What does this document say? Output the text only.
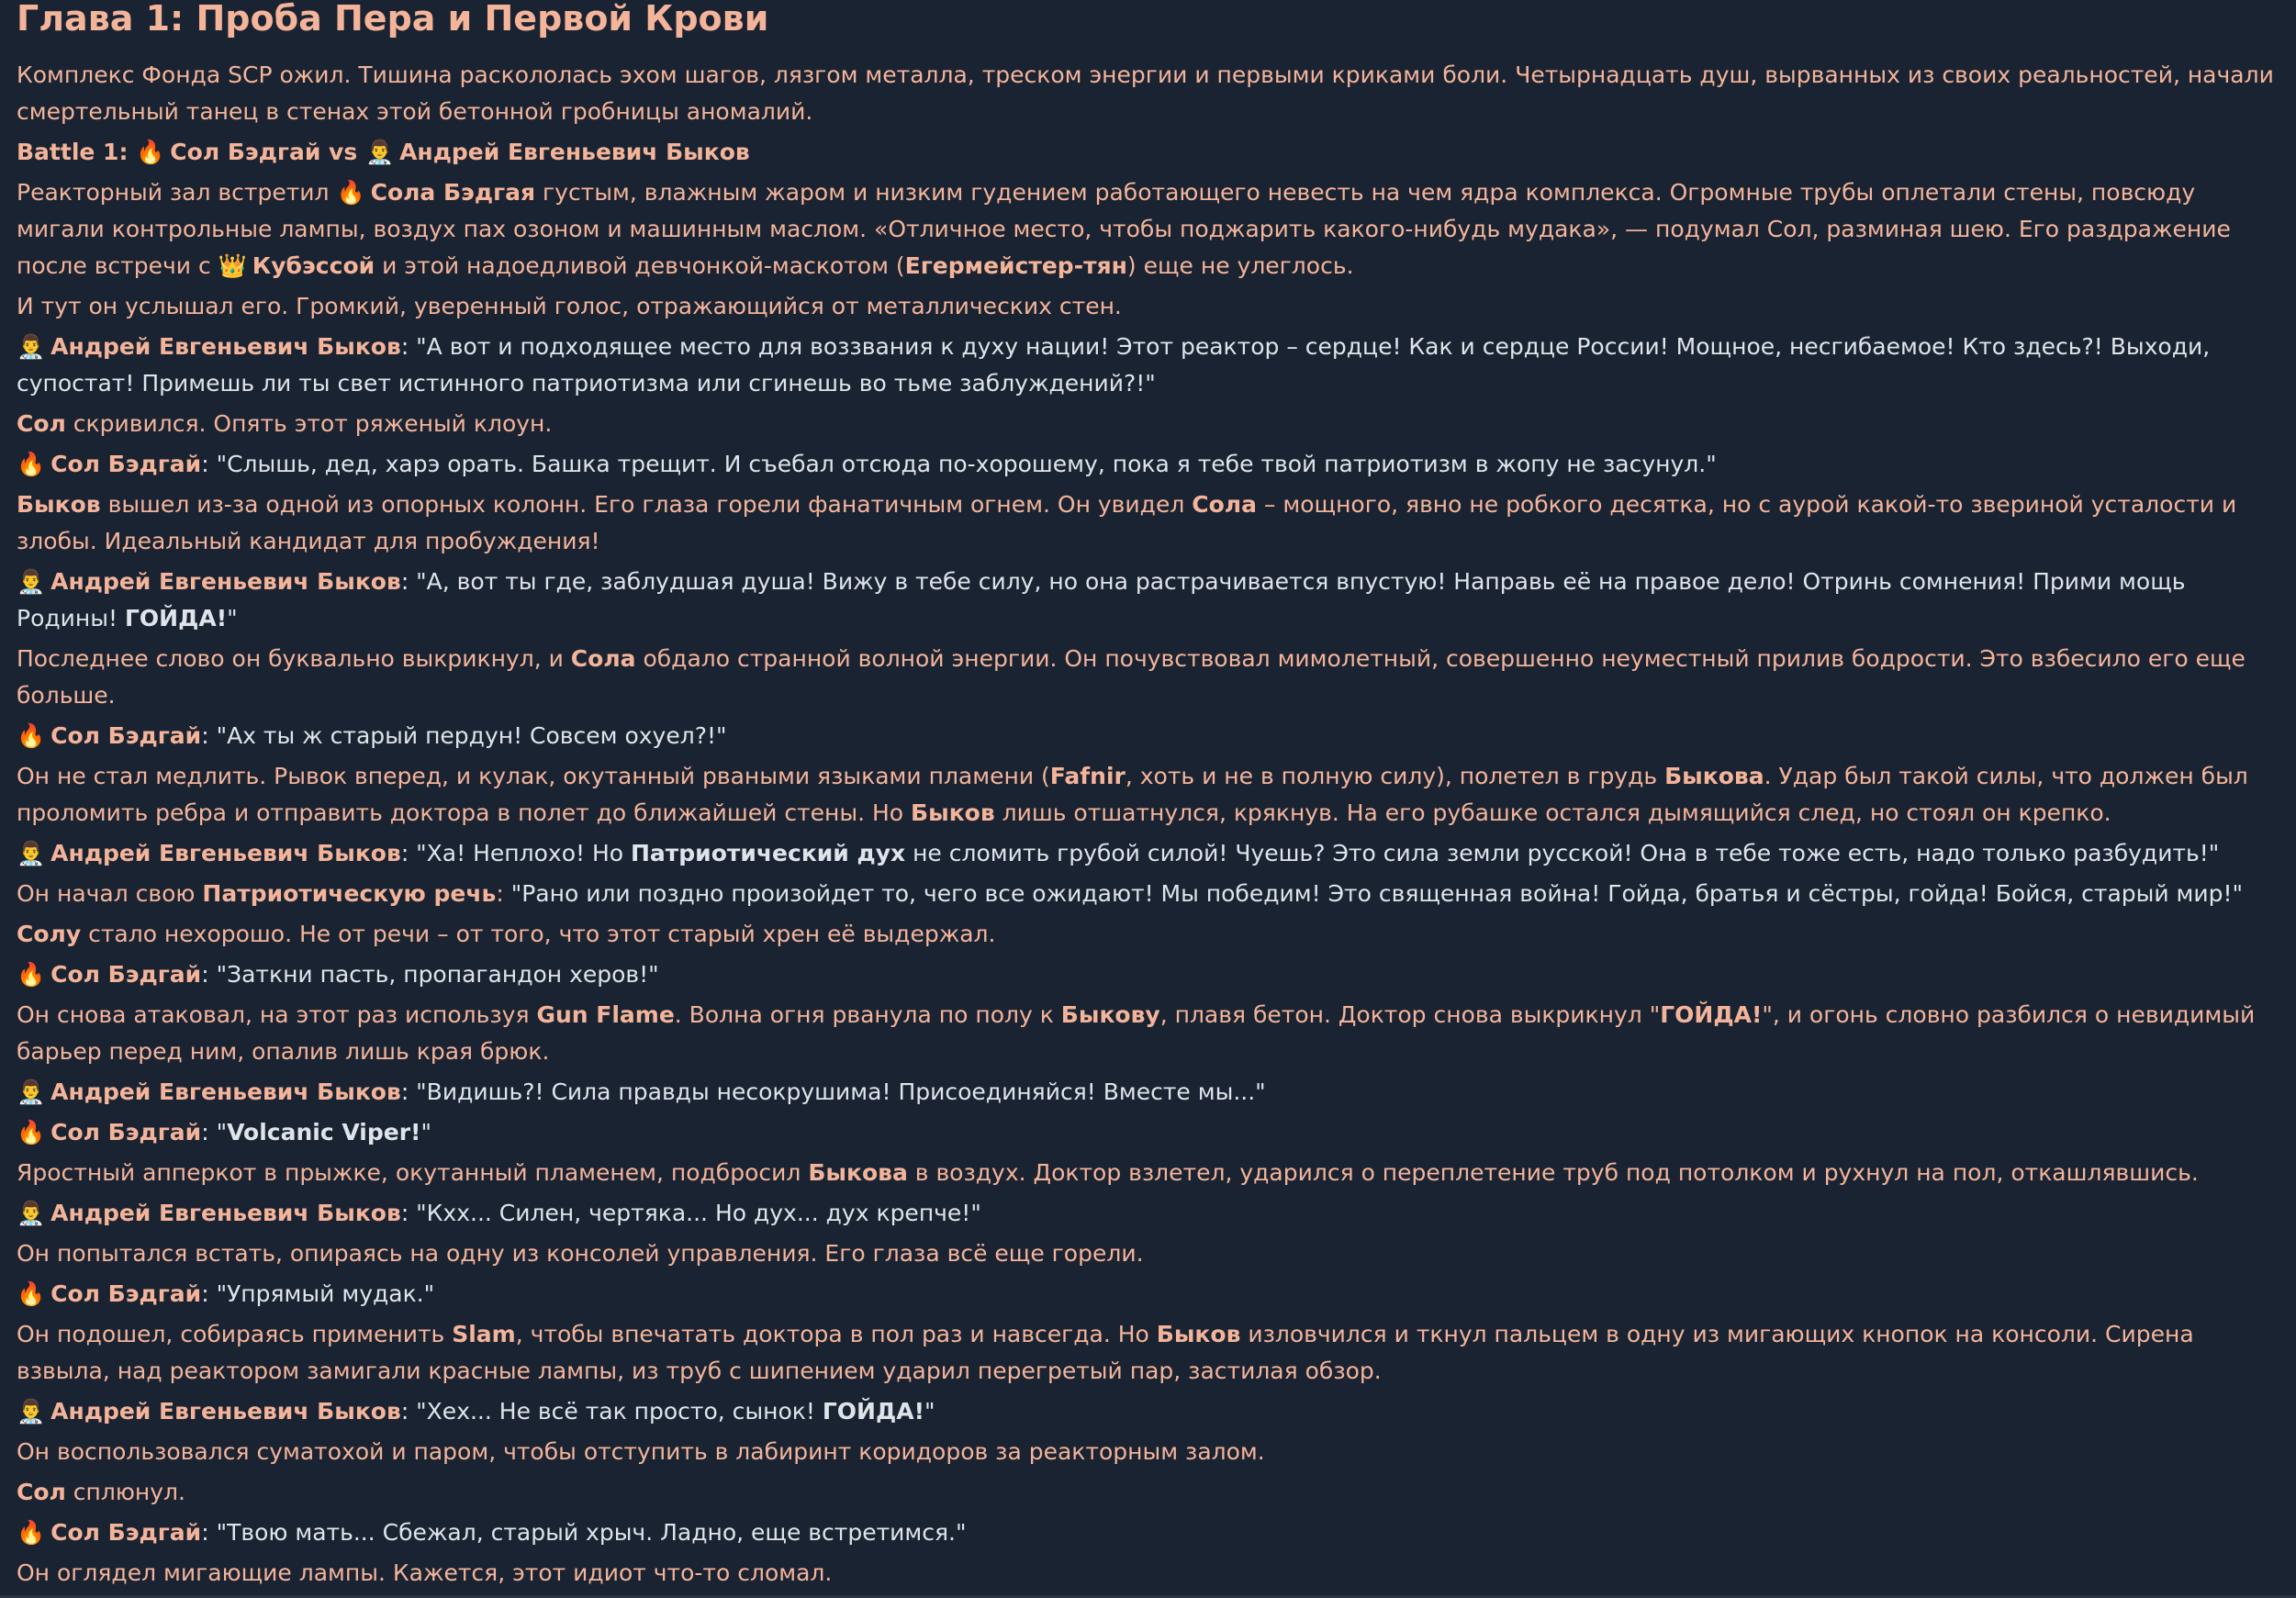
Глава 1: Проба Пера и Первой Крови

Комплекс Фонда SCP ожил. Тишина раскололась эхом шагов, лязгом металла, треском энергии и первыми криками боли. Четырнадцать душ, вырванных из своих реальностей, начали смертельный танец в стенах этой бетонной гробницы аномалий.

Battle 1: 🔥 Сол Бэдгай vs 👨‍⚕️ Андрей Евгеньевич Быков

Реакторный зал встретил 🔥 Сола Бэдгая густым, влажным жаром и низким гудением работающего невесть на чем ядра комплекса. Огромные трубы оплетали стены, повсюду мигали контрольные лампы, воздух пах озоном и машинным маслом. «Отличное место, чтобы поджарить какого-нибудь мудака», — подумал Сол, разминая шею. Его раздражение после встречи с 👑 Кубэссой и этой надоедливой девчонкой-маскотом (Егермейстер-тян) еще не улеглось.

И тут он услышал его. Громкий, уверенный голос, отражающийся от металлических стен.

👨‍⚕️ Андрей Евгеньевич Быков: "А вот и подходящее место для воззвания к духу нации! Этот реактор – сердце! Как и сердце России! Мощное, несгибаемое! Кто здесь?! Выходи, супостат! Примешь ли ты свет истинного патриотизма или сгинешь во тьме заблуждений?!"

Сол скривился. Опять этот ряженый клоун.

🔥 Сол Бэдгай: "Слышь, дед, харэ орать. Башка трещит. И съебал отсюда по-хорошему, пока я тебе твой патриотизм в жопу не засунул."

Быков вышел из-за одной из опорных колонн. Его глаза горели фанатичным огнем. Он увидел Сола – мощного, явно не робкого десятка, но с аурой какой-то звериной усталости и злобы. Идеальный кандидат для пробуждения!

👨‍⚕️ Андрей Евгеньевич Быков: "А, вот ты где, заблудшая душа! Вижу в тебе силу, но она растрачивается впустую! Направь её на правое дело! Отринь сомнения! Прими мощь Родины! ГОЙДА!"

Последнее слово он буквально выкрикнул, и Сола обдало странной волной энергии. Он почувствовал мимолетный, совершенно неуместный прилив бодрости. Это взбесило его еще больше.

🔥 Сол Бэдгай: "Ах ты ж старый пердун! Совсем охуел?!"

Он не стал медлить. Рывок вперед, и кулак, окутанный рваными языками пламени (Fafnir, хоть и не в полную силу), полетел в грудь Быкова. Удар был такой силы, что должен был проломить ребра и отправить доктора в полет до ближайшей стены. Но Быков лишь отшатнулся, крякнув. На его рубашке остался дымящийся след, но стоял он крепко.

👨‍⚕️ Андрей Евгеньевич Быков: "Ха! Неплохо! Но Патриотический дух не сломить грубой силой! Чуешь? Это сила земли русской! Она в тебе тоже есть, надо только разбудить!"

Он начал свою Патриотическую речь: "Рано или поздно произойдет то, чего все ожидают! Мы победим! Это священная война! Гойда, братья и сёстры, гойда! Бойся, старый мир!"

Солу стало нехорошо. Не от речи – от того, что этот старый хрен её выдержал.

🔥 Сол Бэдгай: "Заткни пасть, пропагандон херов!"

Он снова атаковал, на этот раз используя Gun Flame. Волна огня рванула по полу к Быкову, плавя бетон. Доктор снова выкрикнул "ГОЙДА!", и огонь словно разбился о невидимый барьер перед ним, опалив лишь края брюк.

👨‍⚕️ Андрей Евгеньевич Быков: "Видишь?! Сила правды несокрушима! Присоединяйся! Вместе мы..."

🔥 Сол Бэдгай: "Volcanic Viper!"

Яростный апперкот в прыжке, окутанный пламенем, подбросил Быкова в воздух. Доктор взлетел, ударился о переплетение труб под потолком и рухнул на пол, откашлявшись.

👨‍⚕️ Андрей Евгеньевич Быков: "Кхх... Силен, чертяка... Но дух... дух крепче!"

Он попытался встать, опираясь на одну из консолей управления. Его глаза всё еще горели.

🔥 Сол Бэдгай: "Упрямый мудак."

Он подошел, собираясь применить Slam, чтобы впечатать доктора в пол раз и навсегда. Но Быков изловчился и ткнул пальцем в одну из мигающих кнопок на консоли. Сирена взвыла, над реактором замигали красные лампы, из труб с шипением ударил перегретый пар, застилая обзор.

👨‍⚕️ Андрей Евгеньевич Быков: "Хех... Не всё так просто, сынок! ГОЙДА!"

Он воспользовался суматохой и паром, чтобы отступить в лабиринт коридоров за реакторным залом.

Сол сплюнул.

🔥 Сол Бэдгай: "Твою мать... Сбежал, старый хрыч. Ладно, еще встретимся."

Он оглядел мигающие лампы. Кажется, этот идиот что-то сломал.
